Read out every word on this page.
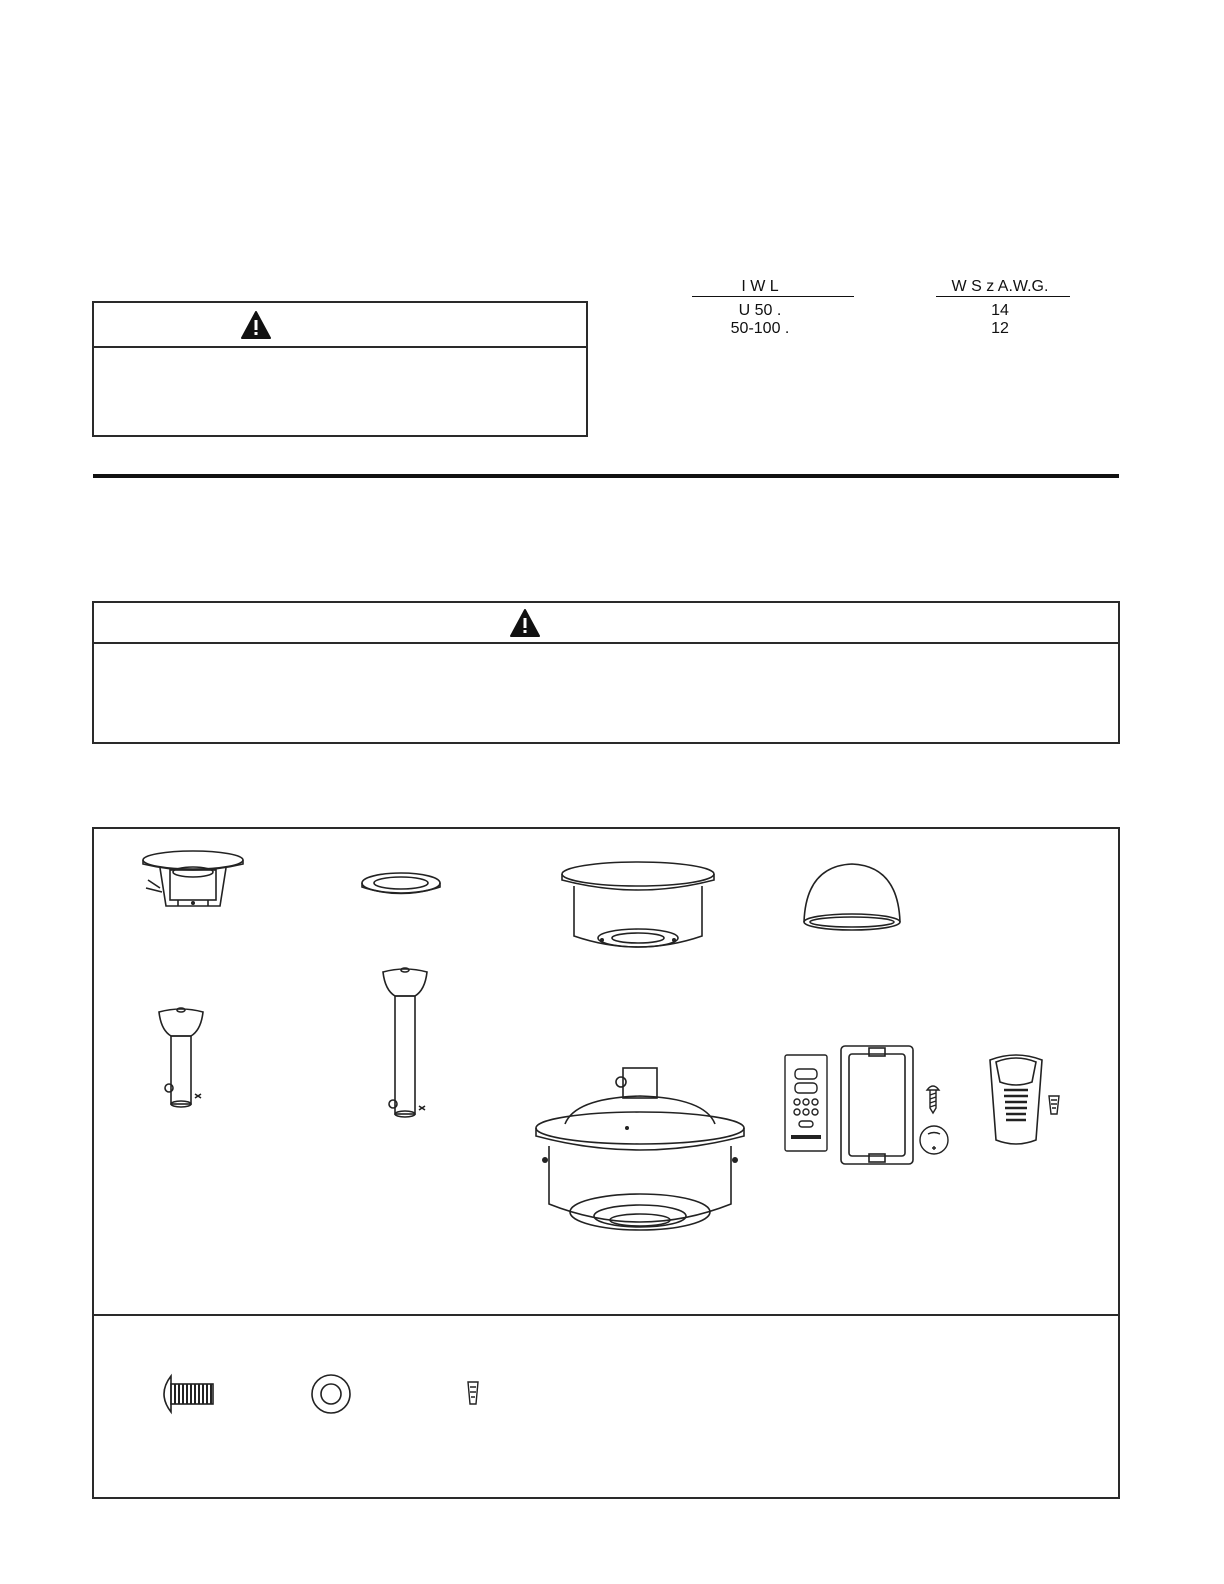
I W L	W S z A.W.G.
U 50 .	14
50-100 .	12
